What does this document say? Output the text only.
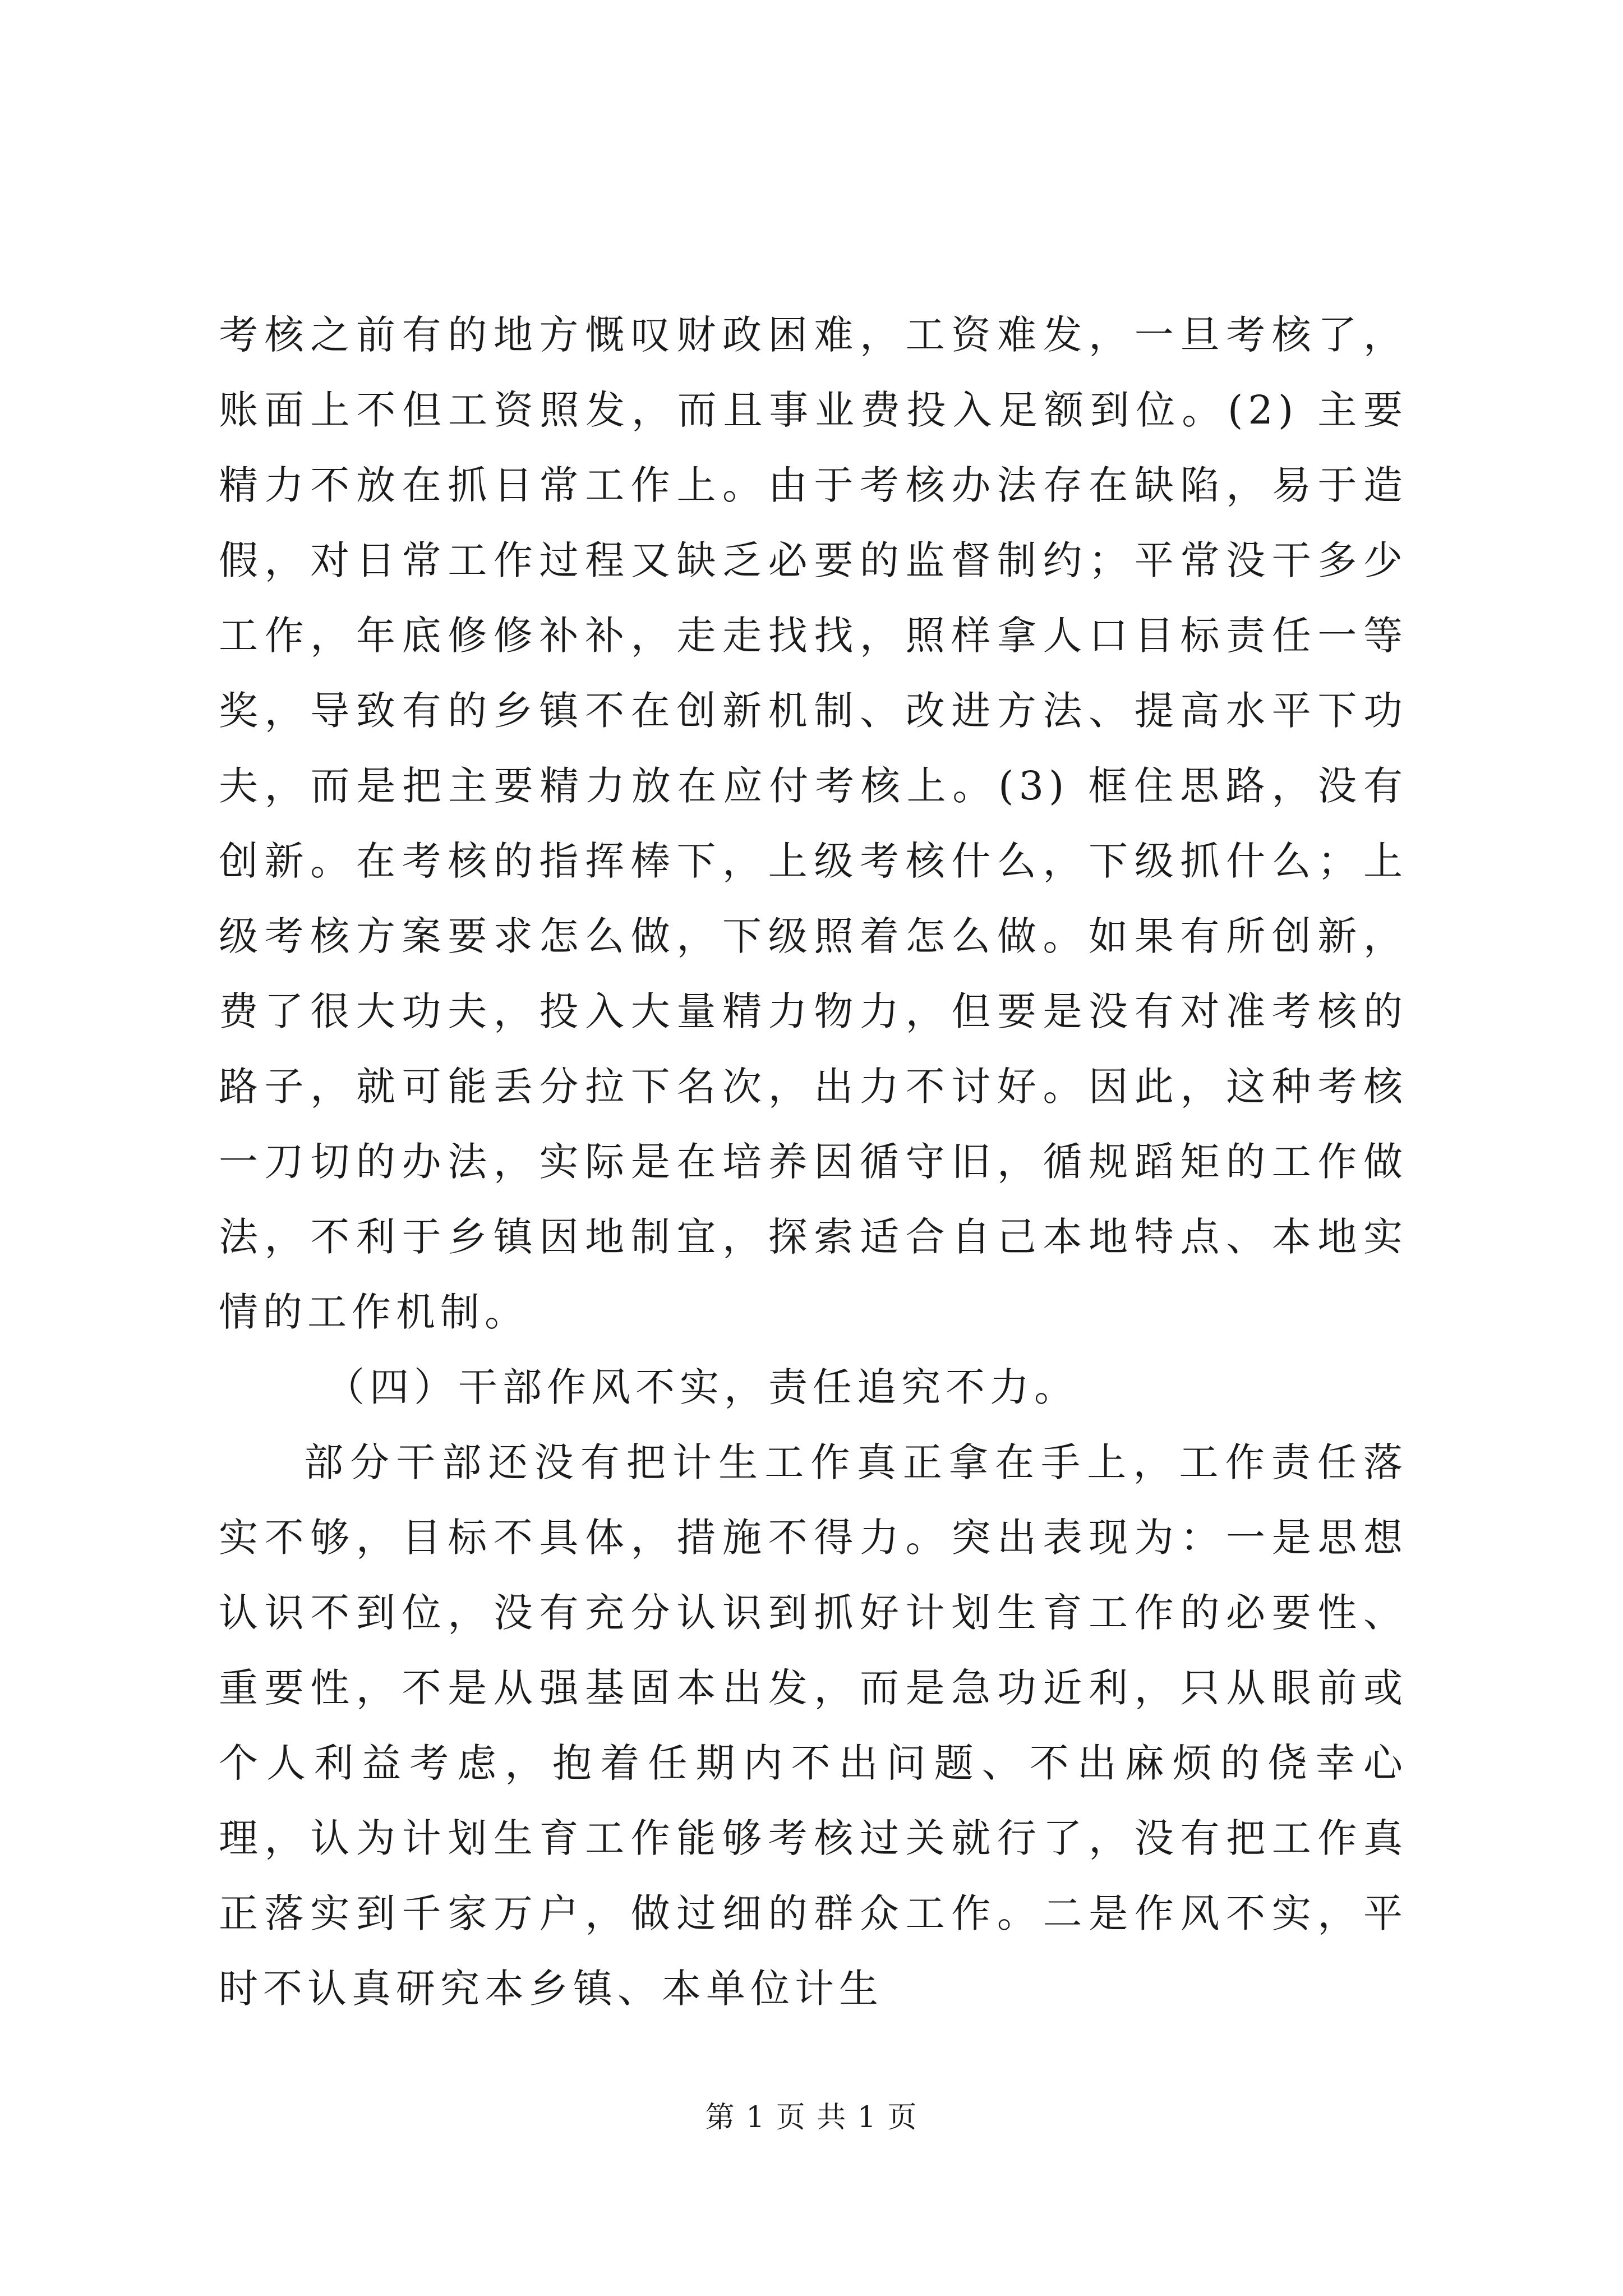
考核之前有的地方慨叹财政困难，工资难发，一旦考核了，账面上不但工资照发，而且事业费投入足额到位。(2) 主要精力不放在抓日常工作上。由于考核办法存在缺陷，易于造假，对日常工作过程又缺乏必要的监督制约；平常没干多少工作，年底修修补补，走走找找，照样拿人口目标责任一等奖，导致有的乡镇不在创新机制、改进方法、提高水平下功夫，而是把主要精力放在应付考核上。(3) 框住思路，没有创新。在考核的指挥棒下，上级考核什么，下级抓什么；上级考核方案要求怎么做，下级照着怎么做。如果有所创新，费了很大功夫，投入大量精力物力，但要是没有对准考核的路子，就可能丢分拉下名次，出力不讨好。因此，这种考核一刀切的办法，实际是在培养因循守旧，循规蹈矩的工作做法，不利于乡镇因地制宜，探索适合自己本地特点、本地实情的工作机制。

（四）干部作风不实，责任追究不力。

部分干部还没有把计生工作真正拿在手上，工作责任落实不够，目标不具体，措施不得力。突出表现为：一是思想认识不到位，没有充分认识到抓好计划生育工作的必要性、重要性，不是从强基固本出发，而是急功近利，只从眼前或个人利益考虑，抱着任期内不出问题、不出麻烦的侥幸心理，认为计划生育工作能够考核过关就行了，没有把工作真正落实到千家万户，做过细的群众工作。二是作风不实，平时不认真研究本乡镇、本单位计生

第 1 页 共 1 页
